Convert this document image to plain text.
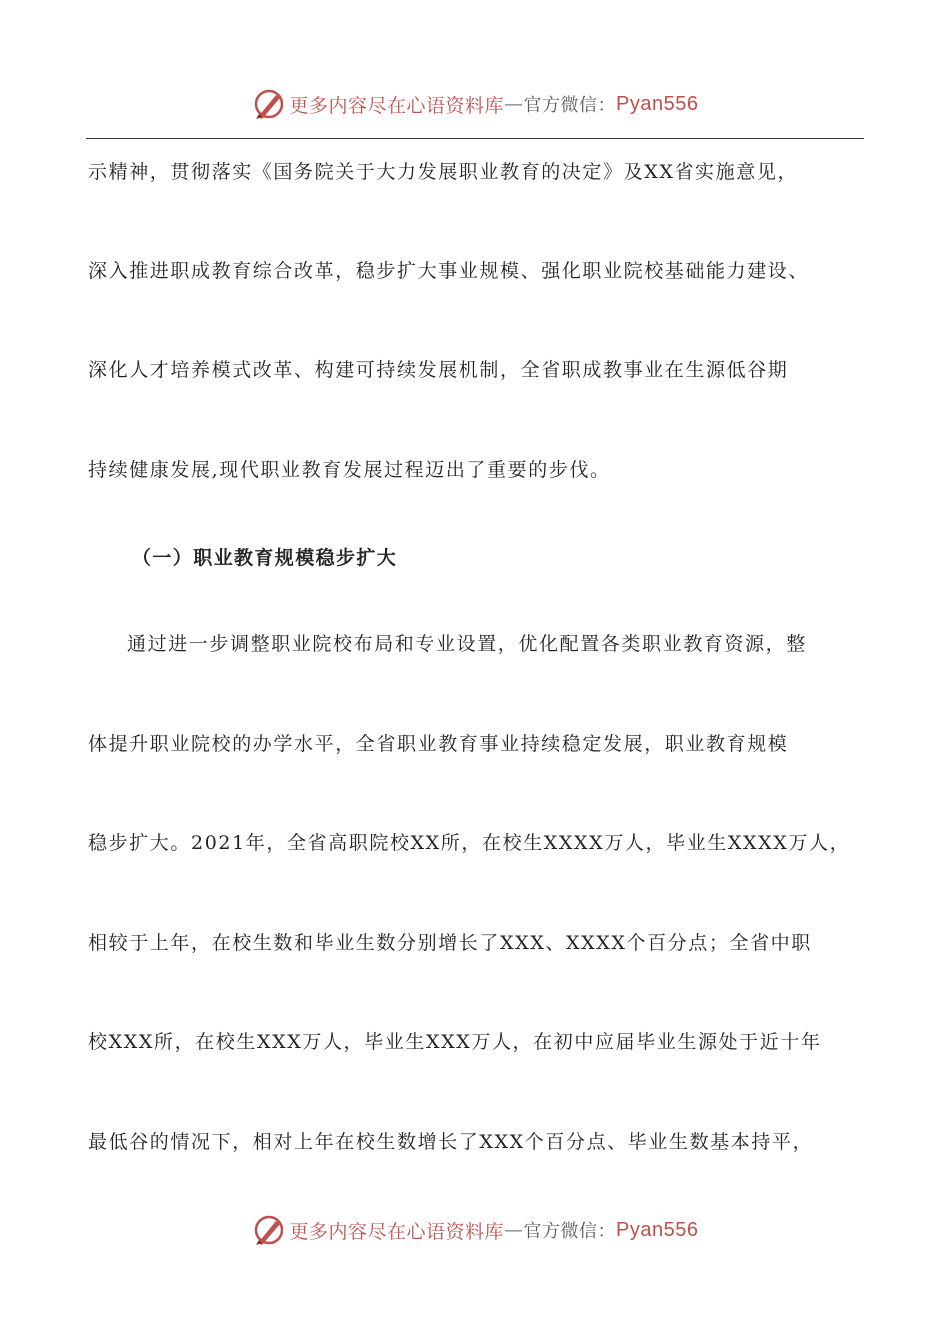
更多内容尽在心语资料库 — 官方微信： Pyan556
示精神，贯彻落实《国务院关于大力发展职业教育的决定》及XX省实施意见，
深入推进职成教育综合改革，稳步扩大事业规模、强化职业院校基础能力建设、
深化人才培养模式改革、构建可持续发展机制，全省职成教事业在生源低谷期
持续健康发展,现代职业教育发展过程迈出了重要的步伐。
（一）职业教育规模稳步扩大
通过进一步调整职业院校布局和专业设置，优化配置各类职业教育资源，整
体提升职业院校的办学水平，全省职业教育事业持续稳定发展，职业教育规模
稳步扩大。2021年，全省高职院校XX所，在校生XXXX万人，毕业生XXXX万人，
相较于上年，在校生数和毕业生数分别增长了XXX、XXXX个百分点；全省中职
校XXX所，在校生XXX万人，毕业生XXX万人，在初中应届毕业生源处于近十年
最低谷的情况下，相对上年在校生数增长了XXX个百分点、毕业生数基本持平，
更多内容尽在心语资料库 — 官方微信： Pyan556
